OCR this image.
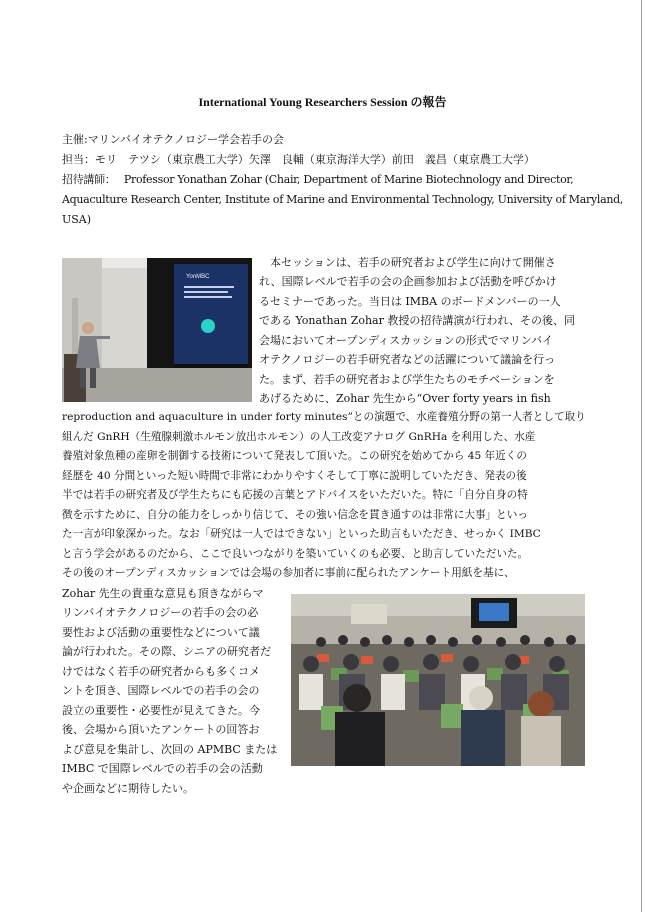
International Young Researchers Session の報告
主催:マリンバイオテクノロジー学会若手の会
担当：モリ　テツシ（東京農工大学）矢澤　良輔（東京海洋大学）前田　義昌（東京農工大学）
招待講師：　 Professor Yonathan Zohar (Chair, Department of Marine Biotechnology and Director,
Aquaculture Research Center, Institute of Marine and Environmental Technology, University of Maryland,
USA)
YonMBC
　本セッションは、若手の研究者および学生に向けて開催さ
れ、国際レベルで若手の会の企画参加および活動を呼びかけ
るセミナーであった。当日は IMBA のボードメンバーの一人
である Yonathan Zohar 教授の招待講演が行われ、その後、同
会場においてオープンディスカッションの形式でマリンバイ
オテクノロジーの若手研究者などの活躍について議論を行っ
た。まず、若手の研究者および学生たちのモチベーションを
あげるために、Zohar 先生から“Over forty years in fish
reproduction and aquaculture in under forty minutes”との演題で、水産養殖分野の第一人者として取り
組んだ GnRH（生殖腺刺激ホルモン放出ホルモン）の人工改変アナログ GnRHa を利用した、水産
養殖対象魚種の産卵を制御する技術について発表して頂いた。この研究を始めてから 45 年近くの
経歴を 40 分間といった短い時間で非常にわかりやすくそして丁寧に説明していただき、発表の後
半では若手の研究者及び学生たちにも応援の言葉とアドバイスをいただいた。特に「自分自身の特
徴を示すために、自分の能力をしっかり信じて、その強い信念を貫き通すのは非常に大事」といっ
た一言が印象深かった。なお「研究は一人ではできない」といった助言もいただき、せっかく IMBC
と言う学会があるのだから、ここで良いつながりを築いていくのも必要、と助言していただいた。
その後のオープンディスカッションでは会場の参加者に事前に配られたアンケート用紙を基に、
Zohar 先生の貴重な意見も頂きながらマ
リンバイオテクノロジーの若手の会の必
要性および活動の重要性などについて議
論が行われた。その際、シニアの研究者だ
けではなく若手の研究者からも多くコメ
ントを頂き、国際レベルでの若手の会の
設立の重要性・必要性が見えてきた。今
後、会場から頂いたアンケートの回答お
よび意見を集計し、次回の APMBC または
IMBC で国際レベルでの若手の会の活動
や企画などに期待したい。
